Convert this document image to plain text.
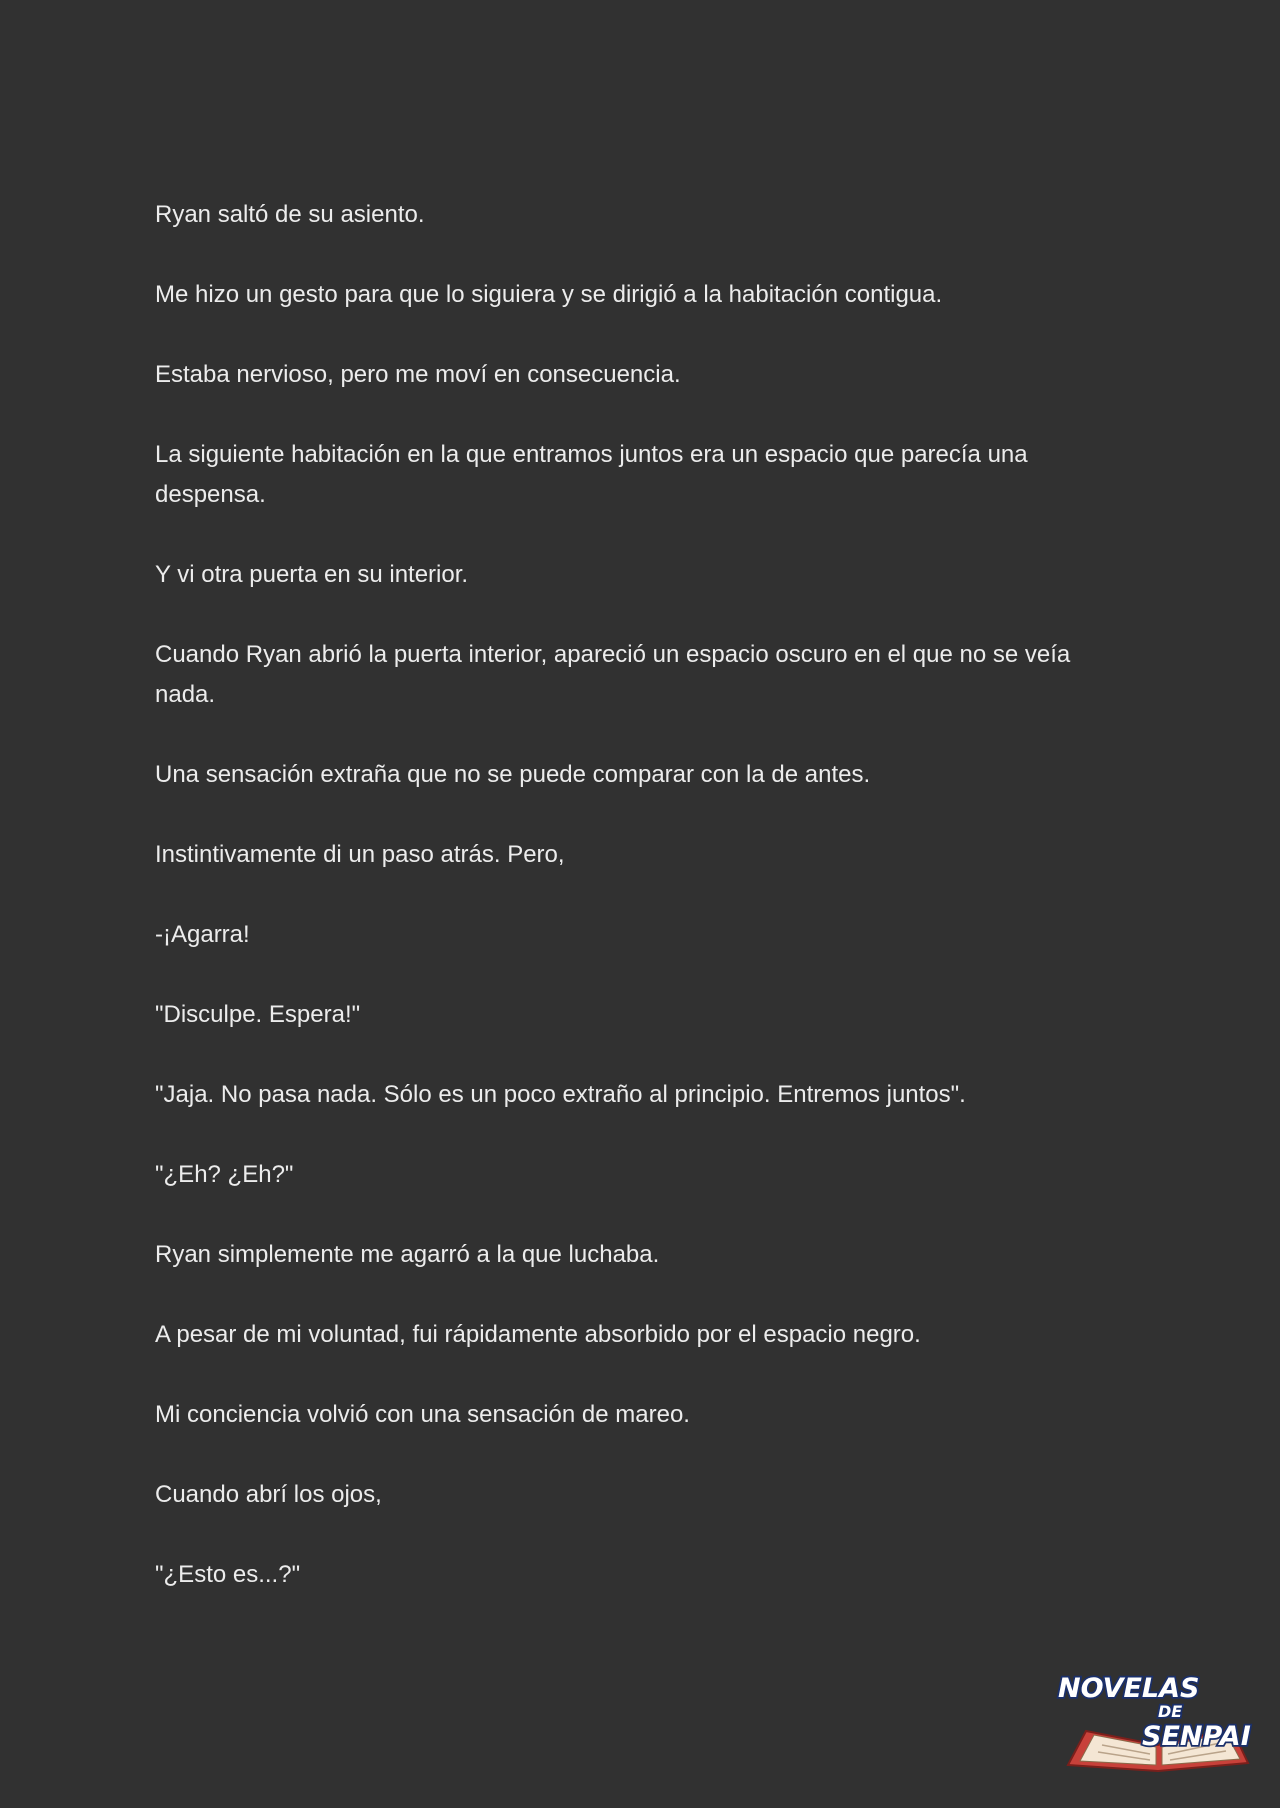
Ryan saltó de su asiento.

Me hizo un gesto para que lo siguiera y se dirigió a la habitación contigua.

Estaba nervioso, pero me moví en consecuencia.

La siguiente habitación en la que entramos juntos era un espacio que parecía una despensa.

Y vi otra puerta en su interior.

Cuando Ryan abrió la puerta interior, apareció un espacio oscuro en el que no se veía nada.

Una sensación extraña que no se puede comparar con la de antes.

Instintivamente di un paso atrás. Pero,

-¡Agarra!

"Disculpe. Espera!"

"Jaja. No pasa nada. Sólo es un poco extraño al principio. Entremos juntos".

"¿Eh? ¿Eh?"

Ryan simplemente me agarró a la que luchaba.

A pesar de mi voluntad, fui rápidamente absorbido por el espacio negro.

Mi conciencia volvió con una sensación de mareo.

Cuando abrí los ojos,

"¿Esto es...?"

NOVELAS
DE
SENPAI
